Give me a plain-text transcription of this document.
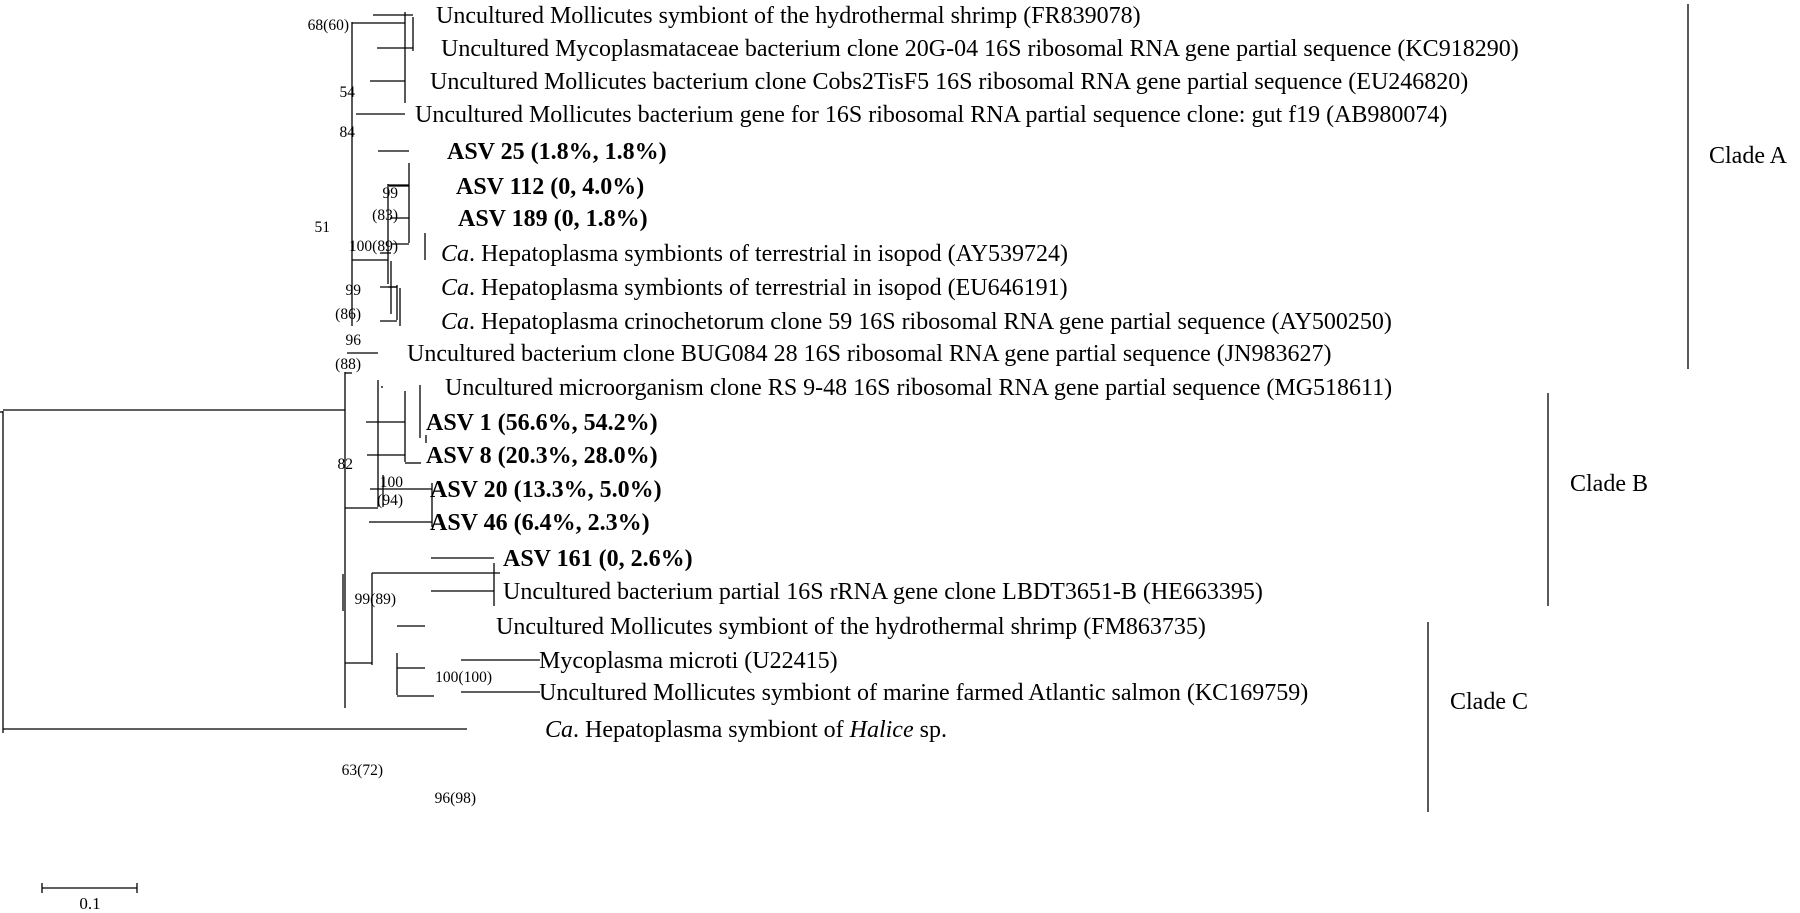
Uncultured Mollicutes symbiont of the hydrothermal shrimp (FR839078)
Uncultured Mycoplasmataceae bacterium clone 20G-04 16S ribosomal RNA gene partial sequence (KC918290)
Uncultured Mollicutes bacterium clone Cobs2TisF5 16S ribosomal RNA gene partial sequence (EU246820)
Uncultured Mollicutes bacterium gene for 16S ribosomal RNA partial sequence clone: gut f19 (AB980074)
ASV 25 (1.8%, 1.8%)
ASV 112 (0, 4.0%)
ASV 189 (0, 1.8%)
Ca. Hepatoplasma symbionts of terrestrial in isopod (AY539724)
Ca. Hepatoplasma symbionts of terrestrial in isopod (EU646191)
Ca. Hepatoplasma crinochetorum clone 59 16S ribosomal RNA gene partial sequence (AY500250)
Uncultured bacterium clone BUG084 28 16S ribosomal RNA gene partial sequence (JN983627)
Uncultured microorganism clone RS 9-48 16S ribosomal RNA gene partial sequence (MG518611)
ASV 1 (56.6%, 54.2%)
ASV 8 (20.3%, 28.0%)
ASV 20 (13.3%, 5.0%)
ASV 46 (6.4%, 2.3%)
ASV 161 (0, 2.6%)
Uncultured bacterium partial 16S rRNA gene clone LBDT3651-B (HE663395)
Uncultured Mollicutes symbiont of the hydrothermal shrimp (FM863735)
Mycoplasma microti (U22415)
Uncultured Mollicutes symbiont of marine farmed Atlantic salmon (KC169759)
Ca. Hepatoplasma symbiont of Halice sp.
68(60)
54
84
99
(83)
100(89)
51
99
(86)
96
(88)
82
100
(94)
99(89)
100(100)
63(72)
96(98)
Clade A
Clade B
Clade C
0.1
